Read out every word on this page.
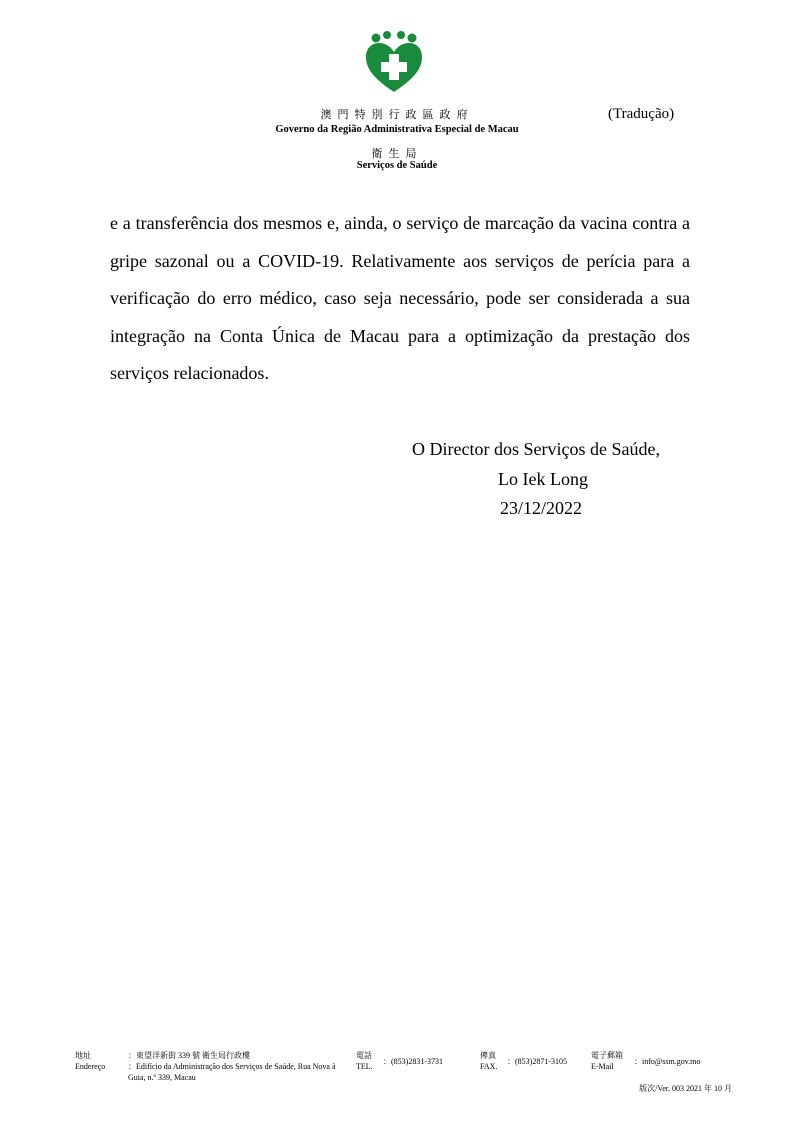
澳門特別行政區政府
Governo da Região Administrativa Especial de Macau
衛生局
Serviços de Saúde
(Tradução)

e a transferência dos mesmos e, ainda, o serviço de marcação da vacina contra a gripe sazonal ou a COVID-19. Relativamente aos serviços de perícia para a verificação do erro médico, caso seja necessário, pode ser considerada a sua integração na Conta Única de Macau para a optimização da prestação dos serviços relacionados.

O Director dos Serviços de Saúde,
Lo Iek Long
23/12/2022
地址
Endereço
：東望洋新街 339 號 衛生局行政樓
：Edifício da Administração dos Serviços de Saúde, Rua Nova à Guia, n.º 339, Macau
電話
TEL.
：(853)2831-3731
傳真
FAX.
：(853)2871-3105
電子郵箱
E-Mail
：info@ssm.gov.mo
版次/Ver. 003 2021 年 10 月
